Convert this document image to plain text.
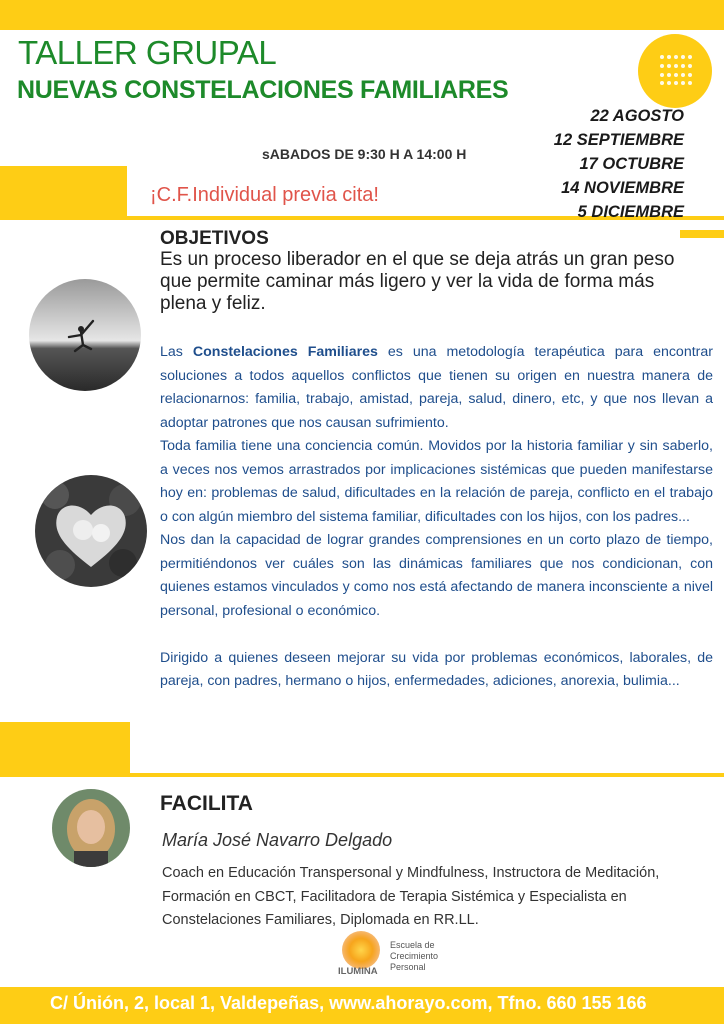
TALLER GRUPAL
NUEVAS CONSTELACIONES FAMILIARES
sABADOS DE 9:30 H A 14:00 H
22 AGOSTO
12 SEPTIEMBRE
17 OCTUBRE
14 NOVIEMBRE
5 DICIEMBRE
¡C.F.Individual previa cita!
OBJETIVOS
Es un proceso liberador en el que se deja atrás un gran peso que permite caminar más ligero y ver la vida de forma más plena y feliz.

Las Constelaciones Familiares es una metodología terapéutica para encontrar soluciones a todos aquellos conflictos que tienen su origen en nuestra manera de relacionarnos: familia, trabajo, amistad, pareja, salud, dinero, etc, y que nos llevan a adoptar patrones que nos causan sufrimiento.

Toda familia tiene una conciencia común. Movidos por la historia familiar y sin saberlo, a veces nos vemos arrastrados por implicaciones sistémicas que pueden manifestarse hoy en: problemas de salud, dificultades en la relación de pareja, conflicto en el trabajo o con algún miembro del sistema familiar, dificultades con los hijos, con los padres...

Nos dan la capacidad de lograr grandes comprensiones en un corto plazo de tiempo, permitiéndonos ver cuáles son las dinámicas familiares que nos condicionan, con quienes estamos vinculados y como nos está afectando de manera inconsciente a nivel personal, profesional o económico.

Dirigido a quienes deseen mejorar su vida por problemas económicos, laborales, de pareja, con padres, hermano o hijos, enfermedades, adiciones, anorexia, bulimia...

FACILITA
María José Navarro Delgado
Coach en Educación Transpersonal y Mindfulness, Instructora de Meditación, Formación en CBCT, Facilitadora de Terapia Sistémica y Especialista en Constelaciones Familiares, Diplomada en RR.LL.
ILUMINA
Escuela de
Crecimiento
Personal
C/ Únión, 2, local 1, Valdepeñas, www.ahorayo.com, Tfno. 660 155 166
